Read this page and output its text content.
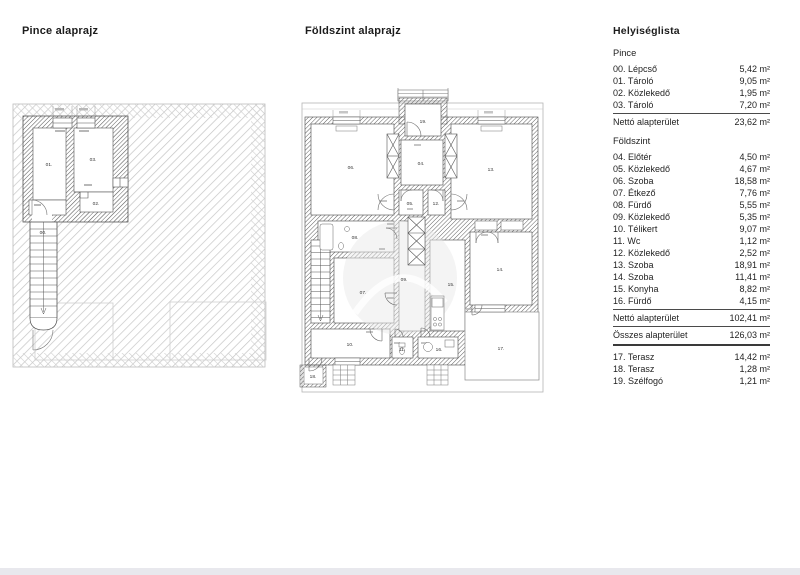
Pince alaprajz	Földszint alaprajz	Helyiséglista
00.
01.
02.
03.
04.
05.
06.
07.
08.
09.
10.
11.
12.
13.
14.
15.
16.	17.
18.
19.
Pince
00. Lépcső	5,42 m²
01. Tároló	9,05 m²
02. Közlekedő	1,95 m²
03. Tároló	7,20 m²
Nettó alapterület	23,62 m²
Földszint
04. Előtér	4,50 m²
05. Közlekedő	4,67 m²
06. Szoba	18,58 m²
07. Étkező	7,76 m²
08. Fürdő	5,55 m²
09. Közlekedő	5,35 m²
10. Télikert	9,07 m²
11. Wc	1,12 m²
12. Közlekedő	2,52 m²
13. Szoba	18,91 m²
14. Szoba	11,41 m²
15. Konyha	8,82 m²
16. Fürdő	4,15 m²
Nettó alapterület	102,41 m²
Összes alapterület	126,03 m²
17. Terasz	14,42 m²
18. Terasz	1,28 m²
19. Szélfogó	1,21 m²
